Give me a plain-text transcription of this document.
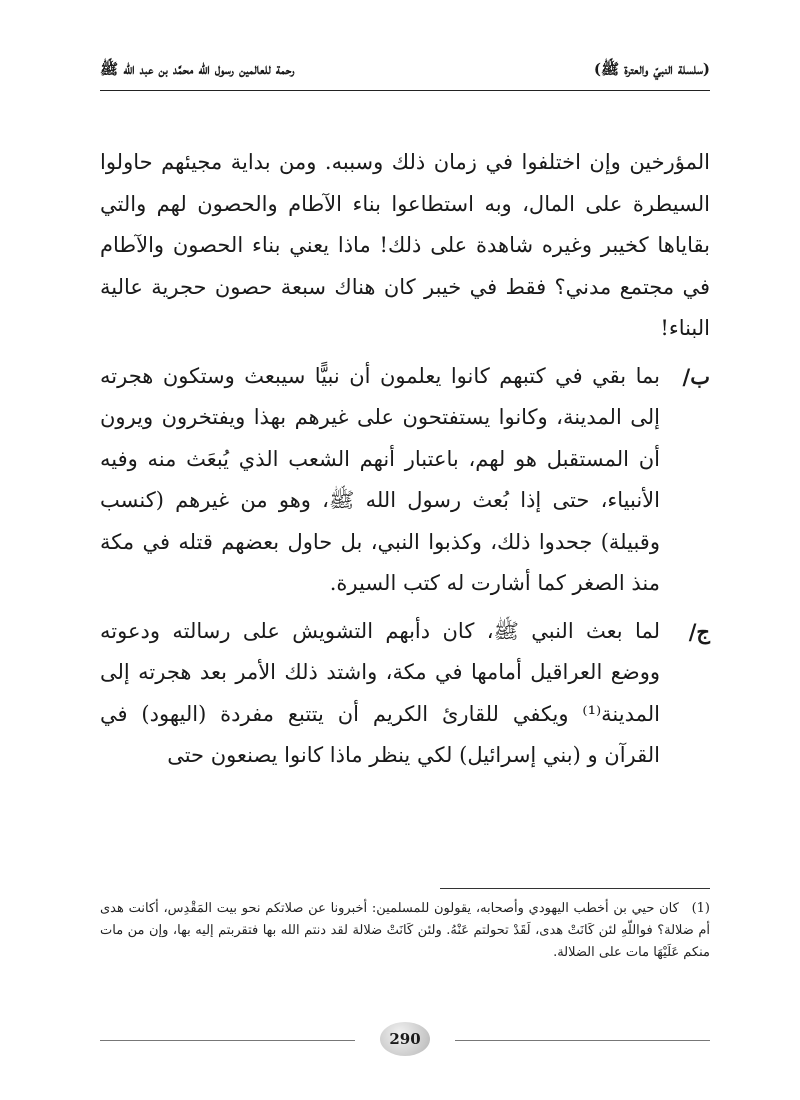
(سلسلة النبيّ والعترة ﷺ)
رحمة للعالمين رسول اللّه محمَّد بن عبد اللّه ﷺ

المؤرخين وإن اختلفوا في زمان ذلك وسببه. ومن بداية مجيئهم حاولوا السيطرة على المال، وبه استطاعوا بناء الآطام والحصون لهم والتي بقاياها كخيبر وغيره شاهدة على ذلك! ماذا يعني بناء الحصون والآطام في مجتمع مدني؟ فقط في خيبر كان هناك سبعة حصون حجرية عالية البناء!

ب/
بما بقي في كتبهم كانوا يعلمون أن نبيًّا سيبعث وستكون هجرته إلى المدينة، وكانوا يستفتحون على غيرهم بهذا ويفتخرون ويرون أن المستقبل هو لهم، باعتبار أنهم الشعب الذي يُبعَث منه وفيه الأنبياء، حتى إذا بُعث رسول الله ﷺ، وهو من غيرهم (كنسب وقبيلة) جحدوا ذلك، وكذبوا النبي، بل حاول بعضهم قتله في مكة منذ الصغر كما أشارت له كتب السيرة.

ج/
لما بعث النبي ﷺ، كان دأبهم التشويش على رسالته ودعوته ووضع العراقيل أمامها في مكة، واشتد ذلك الأمر بعد هجرته إلى المدينة⁽¹⁾ ويكفي للقارئ الكريم أن يتتبع مفردة (اليهود) في القرآن و (بني إسرائيل) لكي ينظر ماذا كانوا يصنعون حتى

(1) كان حيي بن أخطب اليهودي وأصحابه، يقولون للمسلمين: أخبرونا عن صلاتكم نحو بيت المَقْدِس، أكانت هدى أم ضلالة؟ فواللّهِ لئن كَانَتْ هدى، لَقَدْ تحولتم عَنْهُ. ولئن كَانَتْ ضلالة لقد دنتم الله بها فتقربتم إليه بها، وإن من مات منكم عَلَيْهَا مات على الضلالة.
290
